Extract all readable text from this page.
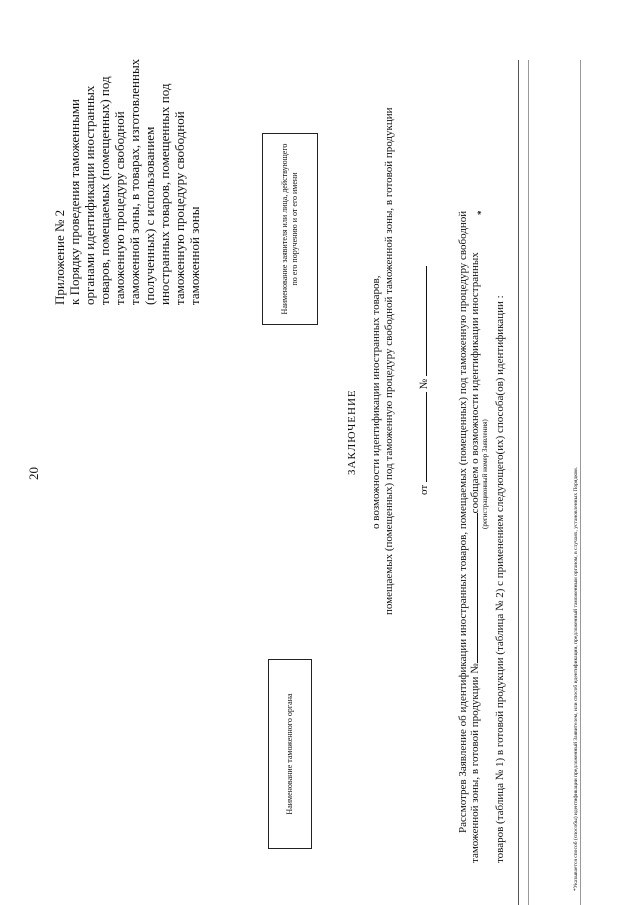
20
Приложение № 2 к Порядку проведения таможенными органами идентификации иностранных товаров, помещаемых (помещенных) под таможенную процедуру свободной таможенной зоны, в товарах, изготовленных (полученных) с использованием иностранных товаров, помещенных под таможенную процедуру свободной таможенной зоны	Наименование заявителя или лица, действующего по его поручению и от его имени
Наименование таможенного органа
ЗАКЛЮЧЕНИЕ о возможности идентификации иностранных товаров, помещаемых (помещенных) под таможенную процедуру свободной таможенной зоны, в готовой продукции от  № Рассмотрев Заявление об идентификации иностранных товаров, помещаемых (помещенных) под таможенную процедуру свободной таможенной зоны, в готовой продукции №сообщаем о возможности идентификации иностранных (регистрационный номер Заявления) товаров (таблица № 1) в готовой продукции (таблица № 2) с применением следующего(их) способа(ов) идентификации :
*
*Указывается способ (способы) идентификации предложенный Заявителем, или способ идентификации, предложенный таможенным органом, в случаях, установленных Порядком.
